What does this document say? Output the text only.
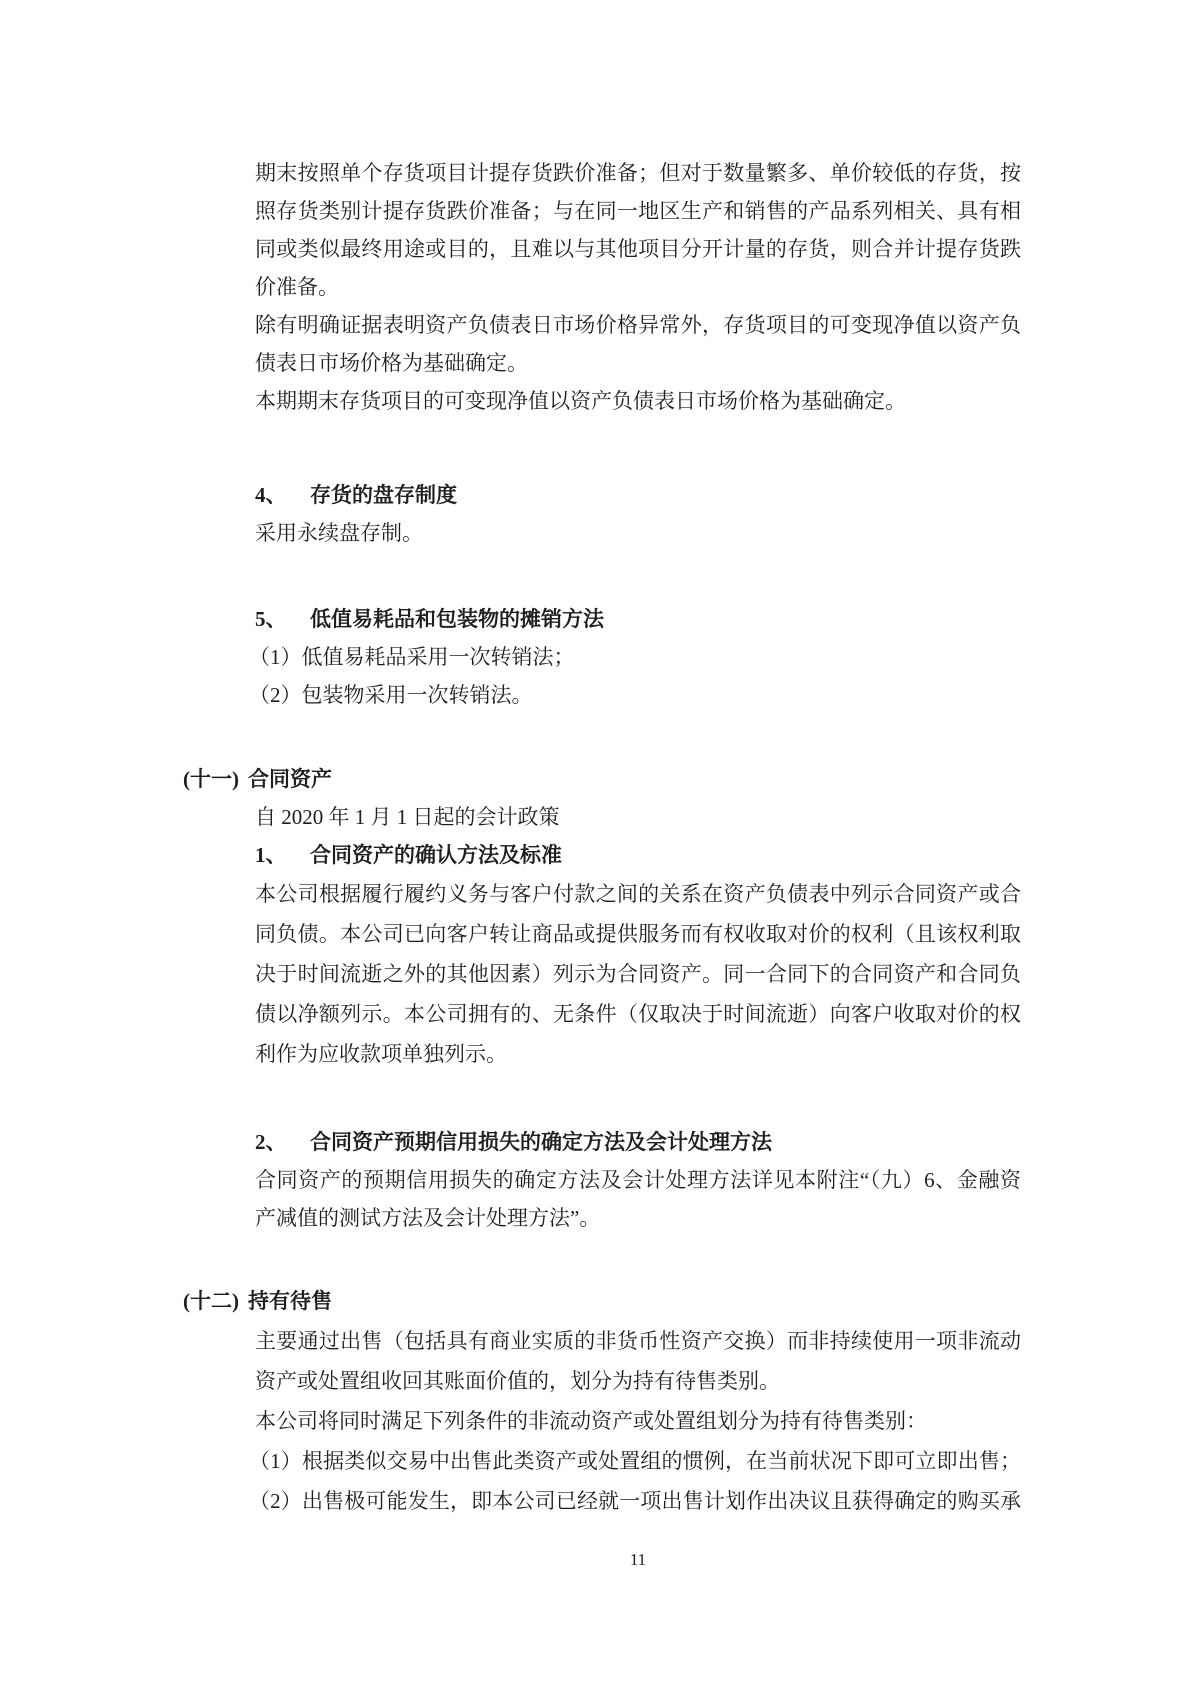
期末按照单个存货项目计提存货跌价准备；但对于数量繁多、单价较低的存货，按
照存货类别计提存货跌价准备；与在同一地区生产和销售的产品系列相关、具有相
同或类似最终用途或目的，且难以与其他项目分开计量的存货，则合并计提存货跌
价准备。
除有明确证据表明资产负债表日市场价格异常外，存货项目的可变现净值以资产负
债表日市场价格为基础确定。
本期期末存货项目的可变现净值以资产负债表日市场价格为基础确定。
4、	存货的盘存制度
采用永续盘存制。
5、	低值易耗品和包装物的摊销方法
（1）低值易耗品采用一次转销法；
（2）包装物采用一次转销法。
(十一) 合同资产
自 2020 年 1 月 1 日起的会计政策
1、	合同资产的确认方法及标准
本公司根据履行履约义务与客户付款之间的关系在资产负债表中列示合同资产或合
同负债。本公司已向客户转让商品或提供服务而有权收取对价的权利（且该权利取
决于时间流逝之外的其他因素）列示为合同资产。同一合同下的合同资产和合同负
债以净额列示。本公司拥有的、无条件（仅取决于时间流逝）向客户收取对价的权
利作为应收款项单独列示。
2、	合同资产预期信用损失的确定方法及会计处理方法
合同资产的预期信用损失的确定方法及会计处理方法详见本附注“（九）6、金融资
产减值的测试方法及会计处理方法”。
(十二) 持有待售
主要通过出售（包括具有商业实质的非货币性资产交换）而非持续使用一项非流动
资产或处置组收回其账面价值的，划分为持有待售类别。
本公司将同时满足下列条件的非流动资产或处置组划分为持有待售类别：
（1）根据类似交易中出售此类资产或处置组的惯例，在当前状况下即可立即出售；
（2）出售极可能发生，即本公司已经就一项出售计划作出决议且获得确定的购买承
11
